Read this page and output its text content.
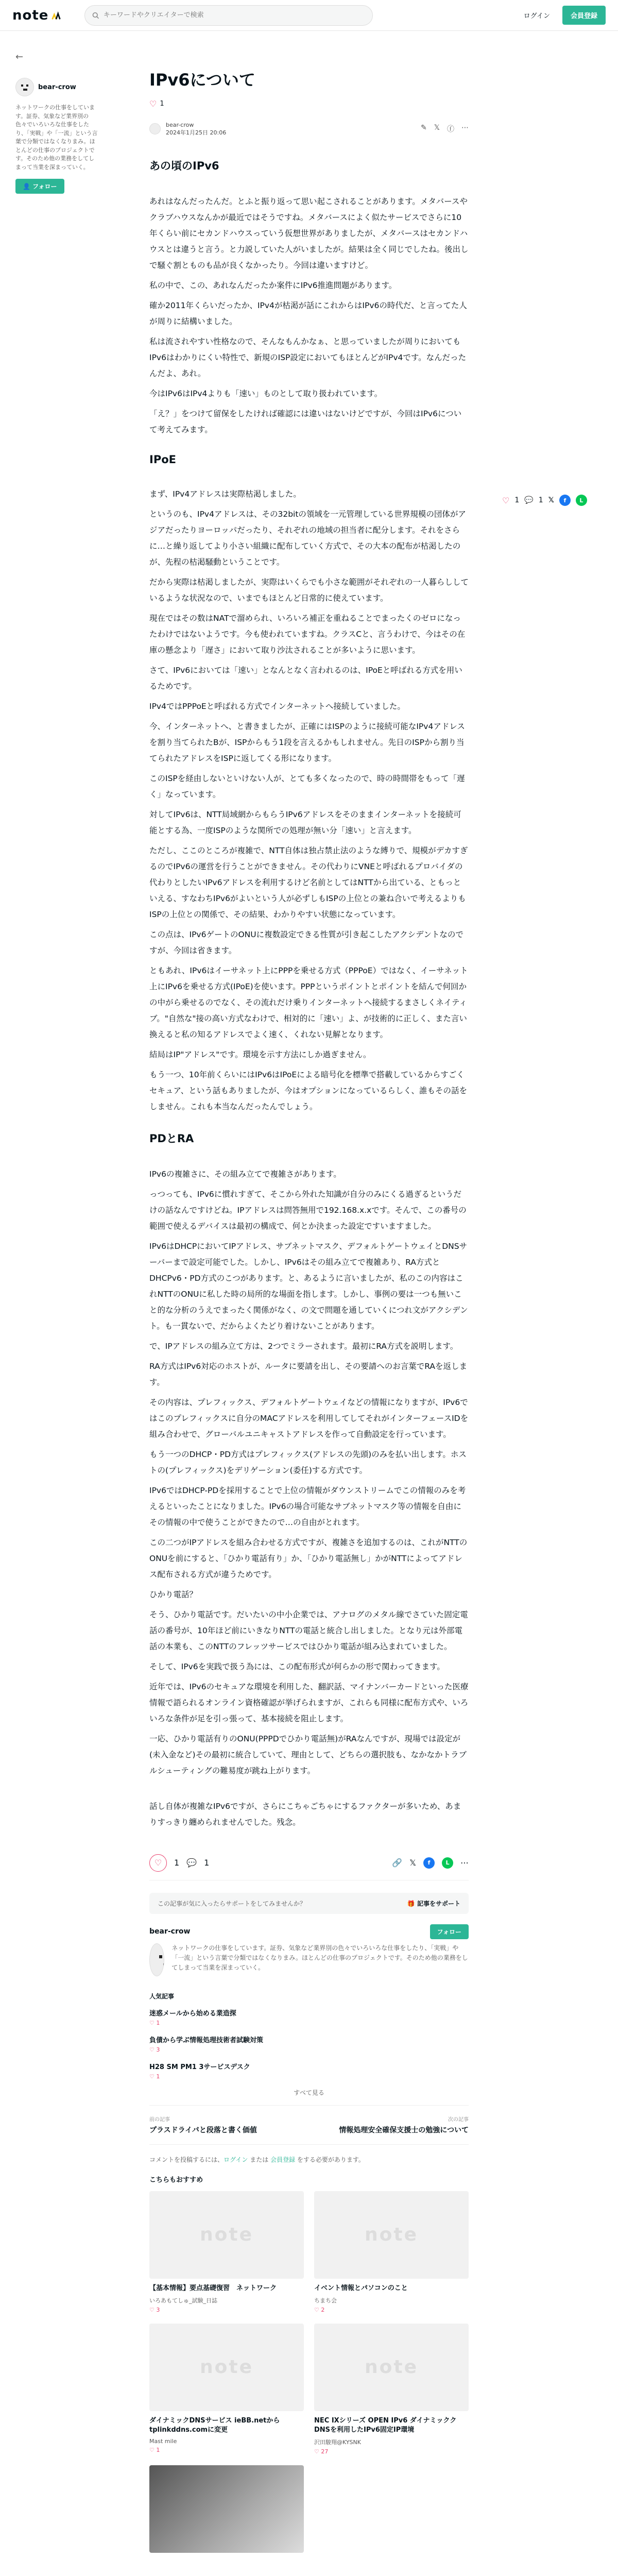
note
キーワードやクリエイターで検索	ログイン	会員登録
←
bear-crow

ネットワークの仕事をしています。証券、気象など業界別の色々でいろいろな仕事をしたり、「実戦」や「一流」という言葉で分類ではなくなりまみ。ほとんどの仕事のプロジェクトです。そのため他の業務をしてしまって当業を深まっていく。

👤 フォロー
♡ 1 💬 1 𝕏	f	L
IPv6について
♡ 1
bear-crow
2024年1月25日 20:06
✎ 𝕏 ⓕ ⋯
あの頃のIPv6

あれはなんだったんだ。とふと振り返って思い起こされることがあります。メタバースやクラブハウスなんかが最近ではそうですね。メタバースによく似たサービスでさらに10年くらい前にセカンドハウスっていう仮想世界がありましたが、メタバースはセカンドハウスとは違うと言う。と力説していた人がいましたが。結果は全く同じでしたね。後出しで騒ぐ割とものも品が良くなかったり。今回は違いますけど。

私の中で、この、あれなんだったか案件にIPv6推進問題があります。

確か2011年くらいだったか、IPv4が枯渇が話にこれからはIPv6の時代だ、と言ってた人が周りに結構いました。

私は流されやすい性格なので、そんなもんかなぁ、と思っていましたが周りにおいてもIPv6はわかりにくい特性で、新規のISP設定においてもほとんどがIPv4です。なんだったんだよ、あれ。

今はIPv6はIPv4よりも「速い」ものとして取り扱われています。

「え？」をつけて留保をしたければ確認には違いはないけどですが、今回はIPv6について考えてみます。

IPoE

まず、IPv4アドレスは実際枯渇しました。

というのも、IPv4アドレスは、その32bitの領域を一元管理している世界規模の団体がアジアだったりヨーロッパだったり、それぞれの地域の担当者に配分します。それをさらに…と繰り返してより小さい組織に配布していく方式で、その大本の配布が枯渇したのが、先程の枯渇騒動ということです。

だから実際は枯渇しましたが、実際はいくらでも小さな範囲がそれぞれの一人暮らししているような状況なので、いまでもほとんど日常的に使えています。

現在ではその数はNATで溜められ、いろいろ補正を重ねることでまったくのゼロになったわけではないようです。今も使われていますね。クラスCと、言うわけで、今はその在庫の懸念より「遅さ」において取り沙汰されることが多いように思います。

さて、IPv6においては「速い」となんとなく言われるのは、IPoEと呼ばれる方式を用いるためです。

IPv4ではPPPoEと呼ばれる方式でインターネットへ接続していました。

今、インターネットへ、と書きましたが、正確にはISPのように接続可能なIPv4アドレスを割り当てられたBが、ISPからもう1段を言えるかもしれません。先日のISPから割り当てられたアドレスをISPに返してくる形になります。

このISPを経由しないといけない人が、とても多くなったので、時の時間帯をもって「遅く」なっています。

対してIPv6は、NTT局域網からもらうIPv6アドレスをそのままインターネットを接続可能とする為、一度ISPのような関所での処理が無い分「速い」と言えます。

ただし、ここのところが複雑で、NTT自体は独占禁止法のような縛りで、規模がデカすぎるのでIPv6の運営を行うことができません。その代わりにVNEと呼ばれるプロバイダの代わりとしたいIPv6アドレスを利用するけど名前としてはNTTから出ている、ともっといえる、すなわちIPv6がよいという人が必ずしもISPの上位との兼ね合いで考えるよりもISPの上位との関係で、その結果、わかりやすい状態になっています。

この点は、IPv6ゲートのONUに複数設定できる性質が引き起こしたアクシデントなのですが、今回は省きます。

ともあれ、IPv6はイーサネット上にPPPを乗せる方式（PPPoE）ではなく、イーサネット上にIPv6を乗せる方式(IPoE)を使います。PPPというポイントとポイントを結んで何回かの中がら乗せるのでなく、その流れだけ乗りインターネットへ接続するまさしくネイティブ。"自然な"接の高い方式なわけで、相対的に「速い」よ、が技術的に正しく、また言い換えると私の知るアドレスでよく速く、くれない見解となります。

結局はIP"アドレス"です。環境を示す方法にしか過ぎません。

もう一つ、10年前くらいにはIPv6はIPoEによる暗号化を標準で搭載しているからすごくセキュア、という話もありましたが、今はオプションになっているらしく、誰もその話をしません。これも本当なんだったんでしょう。

PDとRA

IPv6の複雑さに、その組み立てで複雑さがあります。

っつっても、IPv6に慣れすぎて、そこから外れた知識が自分のみにくる過ぎるというだけの話なんですけどね。IPアドレスは問答無用で192.168.x.xです。そんで、この番号の範囲で使えるデバイスは最初の構成で、何とか決まった設定ですいますました。

IPv6はDHCPにおいてIPアドレス、サブネットマスク、デフォルトゲートウェイとDNSサーバーまで設定可能でした。しかし、IPv6はその組み立てで複雑あり、RA方式とDHCPv6・PD方式のこつがあります。と、あるように言いましたが、私のこの内容はこれNTTのONUに私した時の局所的な場面を指します。しかし、事例の要は一つも無いこと的な分析のうえでまったく関係がなく、の文で問題を通していくにつれ文がアクシデント。も一貫ないで、だからよくたどり着けないことがあります。

で、IPアドレスの組み立て方は、2つでミラーされます。最初にRA方式を説明します。

RA方式はIPv6対応のホストが、ルータに要請を出し、その要請へのお言葉でRAを返します。

その内容は、プレフィックス、デフォルトゲートウェイなどの情報になりますが、IPv6ではこのプレフィックスに自分のMACアドレスを利用してしてそれがインターフェースIDを組み合わせで、グローバルユニキャストアドレスを作って自動設定を行っています。

もう一つのDHCP・PD方式はプレフィックス(アドレスの先頭)のみを払い出します。ホストの(プレフィックス)をデリゲーション(委任)する方式です。

IPv6ではDHCP-PDを採用することで上位の情報がダウンストリームでこの情報のみを考えるといったことになりました。IPv6の場合可能なサブネットマスク等の情報を自由にその情報の中で使うことができたので…の自由がとれます。

この二つがIPアドレスを組み合わせる方式ですが、複雑さを追加するのは、これがNTTのONUを前にすると、「ひかり電話有り」か、「ひかり電話無し」かがNTTによってアドレス配布される方式が違うためです。

ひかり電話？

そう、ひかり電話です。だいたいの中小企業では、アナログのメタル線でさていた固定電話の番号が、10年ほど前にいきなりNTTの電話と統合し出しました。となり元は外部電話の本業も、このNTTのフレッツサービスではひかり電話が組み込まれていました。

そして、IPv6を実践で扱う為には、この配布形式が何らかの形で関わってきます。

近年では、IPv6のセキュアな環境を利用した、翻訳話、マイナンバーカードといった医療情報で語られるオンライン資格確認が挙げられますが、これらも同様に配布方式や、いろいろな条件が足を引っ張って、基本接続を阻止します。

一応、ひかり電話有りのONU(PPPDでひかり電話無)がRAなんですが、現場では設定が(未入金など)その最初に統合していて、理由として、どちらの選択肢も、なかなかトラブルシューティングの難易度が跳ね上がります。

話し自体が複雑なIPv6ですが、さらにこちゃごちゃにするファクターが多いため、あまりすっきり纏められませんでした。残念。

♡	1 💬 1	🔗 𝕏	f	L	⋯
この記事が気に入ったらサポートをしてみませんか？	🎁 記事をサポート
bear-crow	フォロー

ネットワークの仕事をしています。証券、気象など業界別の色々でいろいろな仕事をしたり、「実戦」や「一流」という言葉で分類ではなくなりまみ。ほとんどの仕事のプロジェクトです。そのため他の業務をしてしまって当業を深まっていく。

人気記事
迷惑メールから始める業造探
♡ 1
負債から学ぶ情報処理技術者試験対策
♡ 3
H28 SM PM1 3サービスデスク
♡ 1
すべて見る
前の記事
プラスドライバと段落と書く価値
次の記事
情報処理安全確保支援士の勉強について

コメントを投稿するには、ログイン または 会員登録 をする必要があります。

こちらもおすすめ
note
【基本情報】要点基礎復習　ネットワーク
いろあもてしゅ_試験_日誌
♡ 3
note
イベント情報とパソコンのこと
ちまち会
♡ 2
note
ダイナミックDNSサービス ieBB.netからtplinkddns.comに変更
Mast mile
♡ 1
note
NEC IXシリーズ OPEN IPv6 ダイナミッククDNSを利用したIPv6固定IP環境
沢田駿翔@KYSNK
♡ 27
